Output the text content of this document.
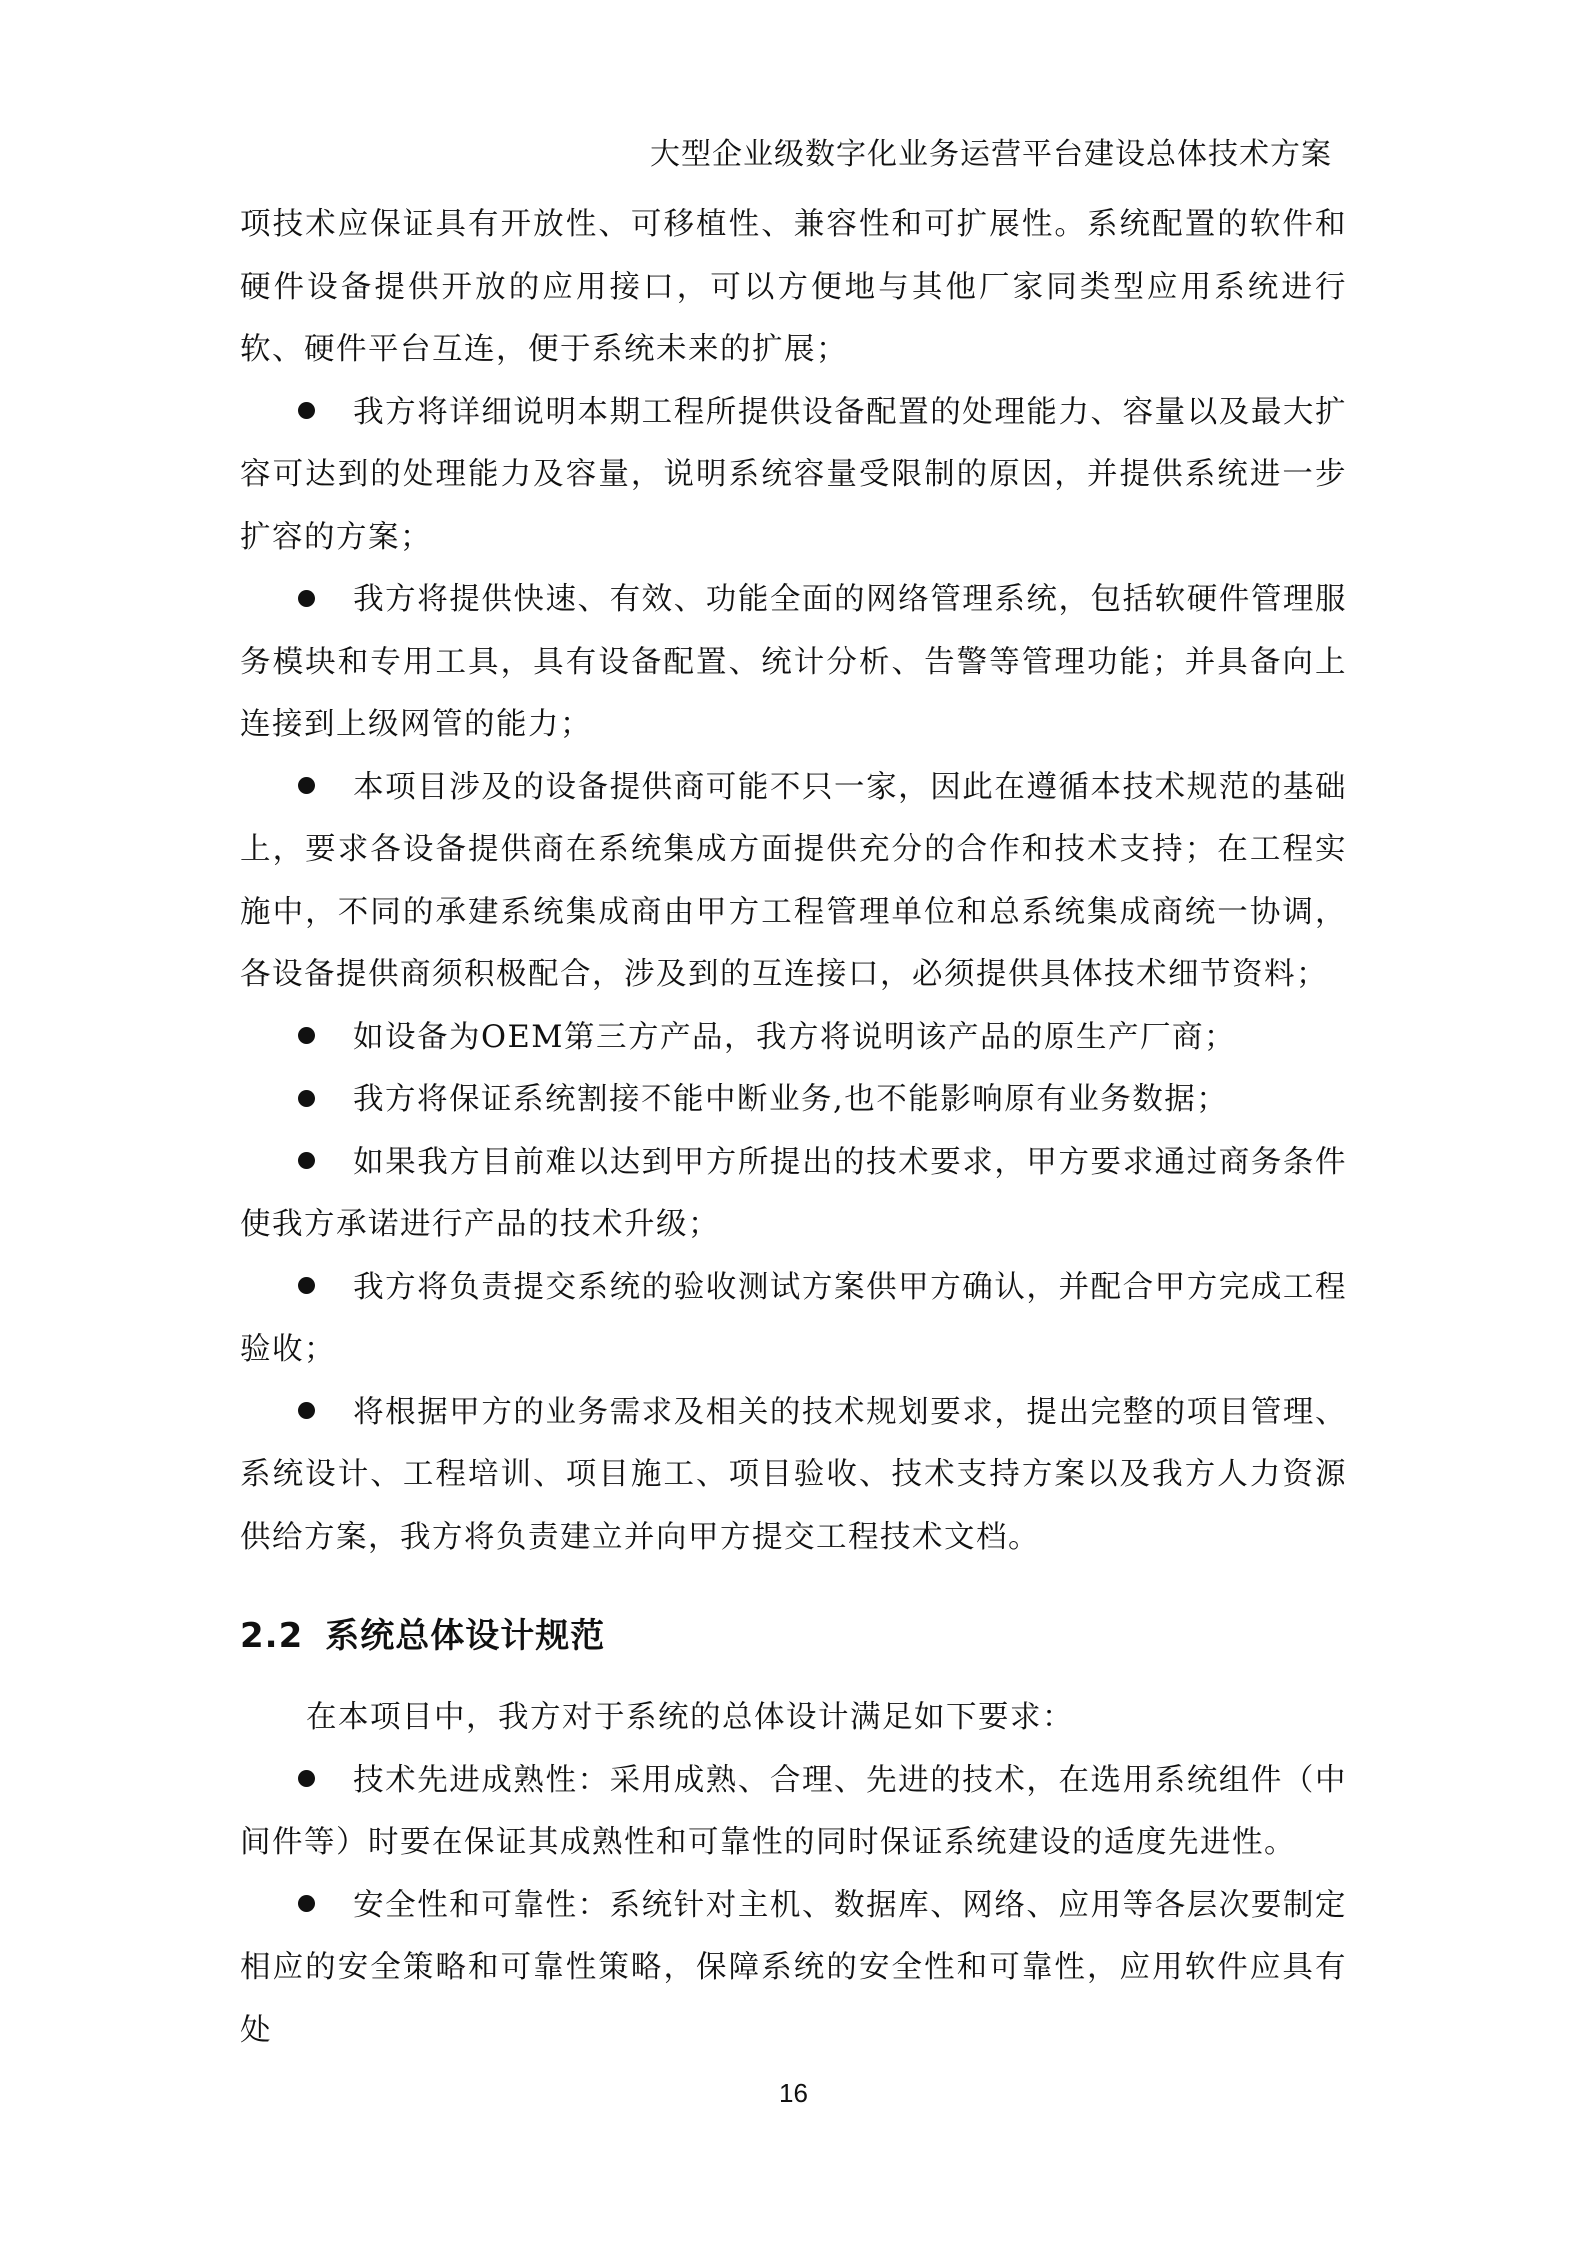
大型企业级数字化业务运营平台建设总体技术方案

项技术应保证具有开放性、可移植性、兼容性和可扩展性。系统配置的软件和硬件设备提供开放的应用接口，可以方便地与其他厂家同类型应用系统进行软、硬件平台互连，便于系统未来的扩展；

我方将详细说明本期工程所提供设备配置的处理能力、容量以及最大扩容可达到的处理能力及容量，说明系统容量受限制的原因，并提供系统进一步扩容的方案；

我方将提供快速、有效、功能全面的网络管理系统，包括软硬件管理服务模块和专用工具，具有设备配置、统计分析、告警等管理功能；并具备向上连接到上级网管的能力；

本项目涉及的设备提供商可能不只一家，因此在遵循本技术规范的基础上，要求各设备提供商在系统集成方面提供充分的合作和技术支持；在工程实施中，不同的承建系统集成商由甲方工程管理单位和总系统集成商统一协调，各设备提供商须积极配合，涉及到的互连接口，必须提供具体技术细节资料；

如设备为OEM第三方产品，我方将说明该产品的原生产厂商；

我方将保证系统割接不能中断业务,也不能影响原有业务数据；

如果我方目前难以达到甲方所提出的技术要求，甲方要求通过商务条件使我方承诺进行产品的技术升级；

我方将负责提交系统的验收测试方案供甲方确认，并配合甲方完成工程验收；

将根据甲方的业务需求及相关的技术规划要求，提出完整的项目管理、系统设计、工程培训、项目施工、项目验收、技术支持方案以及我方人力资源供给方案，我方将负责建立并向甲方提交工程技术文档。

2.2 系统总体设计规范

在本项目中，我方对于系统的总体设计满足如下要求：

技术先进成熟性：采用成熟、合理、先进的技术，在选用系统组件（中间件等）时要在保证其成熟性和可靠性的同时保证系统建设的适度先进性。

安全性和可靠性：系统针对主机、数据库、网络、应用等各层次要制定相应的安全策略和可靠性策略，保障系统的安全性和可靠性，应用软件应具有处

16
